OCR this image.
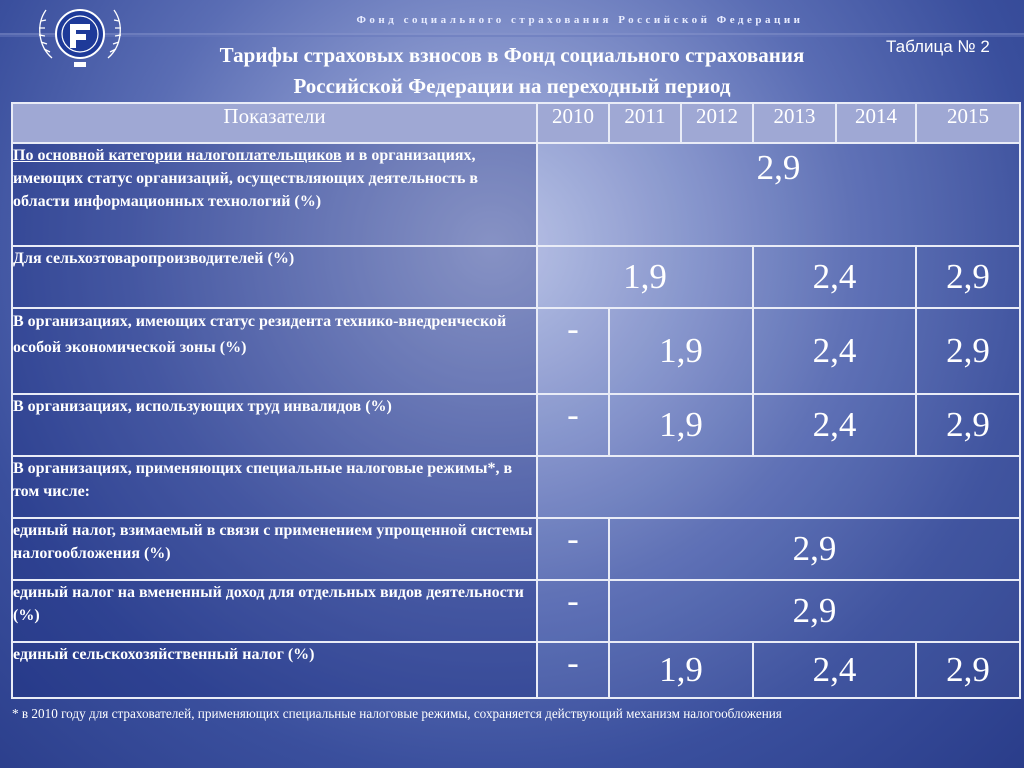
Фонд социального страхования Российской Федерации
Таблица № 2
Тарифы страховых взносов в Фонд социального страхования
Российской Федерации на переходный период
Показатели	2010	2011	2012	2013	2014	2015
По основной категории налогоплательщиков и в организациях, имеющих статус организаций, осуществляющих деятельность в области информационных технологий (%)	2,9					
Для сельхозтоваропроизводителей (%)	1,9			2,4		2,9
В организациях, имеющих статус резидента технико-внедренческой особой экономической зоны (%)	-	1,9		2,4		2,9
В организациях, использующих труд инвалидов (%)	-	1,9		2,4		2,9
В организациях, применяющих специальные налоговые режимы*, в том числе:						
единый налог, взимаемый в связи с применением упрощенной системы налогообложения (%)	-	2,9				
единый налог на вмененный доход для отдельных видов деятельности (%)	-	2,9				
единый сельскохозяйственный налог (%)	-	1,9		2,4		2,9
* в 2010 году для страхователей, применяющих специальные налоговые режимы, сохраняется действующий механизм налогообложения
